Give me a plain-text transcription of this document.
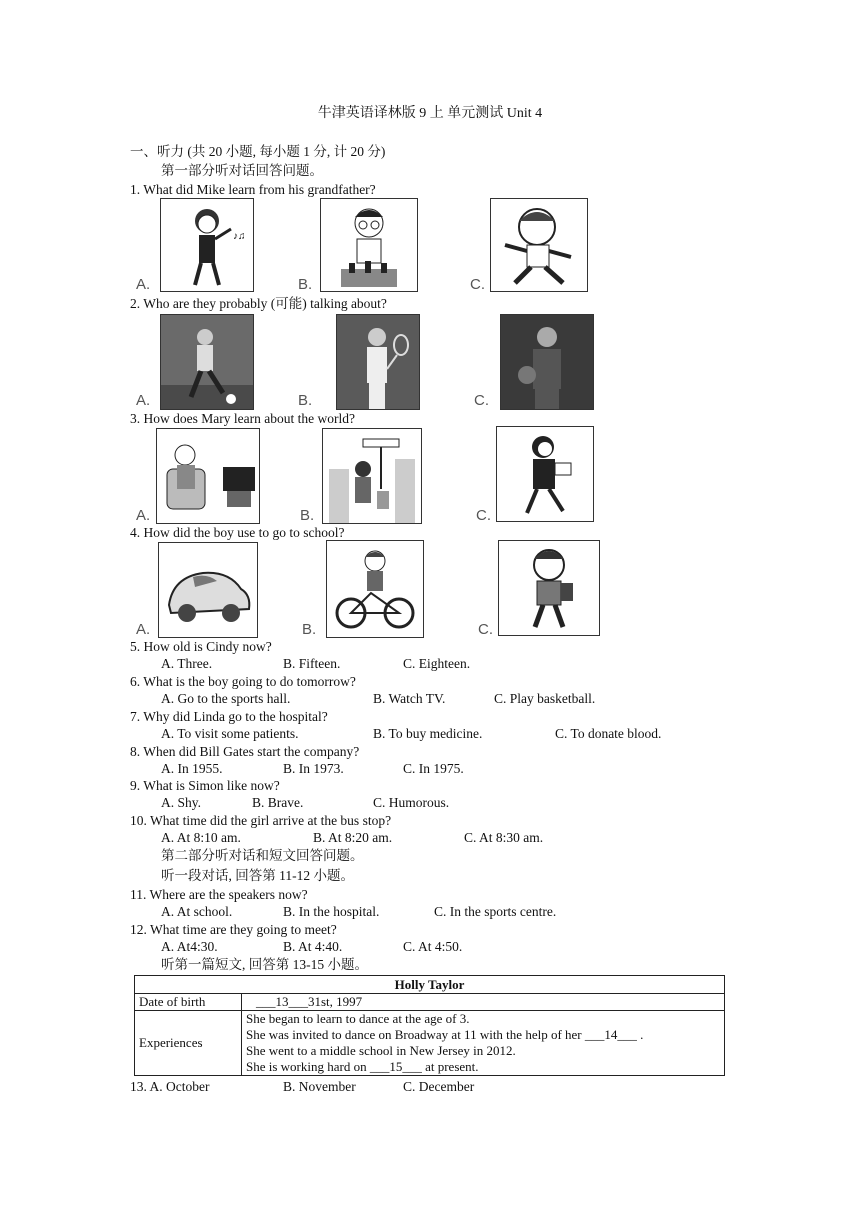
牛津英语译林版 9 上 单元测试 Unit 4
一、听力 (共 20 小题, 每小题 1 分, 计 20 分)
第一部分听对话回答问题。
1. What did Mike learn from his grandfather?
A.
♪♫
B.	C.
2. Who are they probably (可能) talking about?
A.	B.	C.
3. How does Mary learn about the world?
A.	B.	C.
4. How did the boy use to go to school?
A.	B.	C.
5. How old is Cindy now?
A. Three.	B. Fifteen.	C. Eighteen.
6. What is the boy going to do tomorrow?
A. Go to the sports hall.	B. Watch TV.	C. Play basketball.
7. Why did Linda go to the hospital?
A. To visit some patients.	B. To buy medicine.	C. To donate blood.
8. When did Bill Gates start the company?
A. In 1955.	B. In 1973.	C. In 1975.
9. What is Simon like now?
A. Shy.	B. Brave.	C. Humorous.
10. What time did the girl arrive at the bus stop?
A. At 8:10 am.	B. At 8:20 am.	C. At 8:30 am.
第二部分听对话和短文回答问题。
听一段对话, 回答第 11-12 小题。
11. Where are the speakers now?
A. At school.	B. In the hospital.	C. In the sports centre.
12. What time are they going to meet?
A. At4:30.	B. At 4:40.	C. At 4:50.
听第一篇短文, 回答第 13-15 小题。
Holly Taylor	
Date of birth	___13___31st, 1997
Experiences	She began to learn to dance at the age of 3.
She was invited to dance on Broadway at 11 with the help of her ___14___ .
She went to a middle school in New Jersey in 2012.
She is working hard on ___15___ at present.
13. A. October	B. November	C. December
